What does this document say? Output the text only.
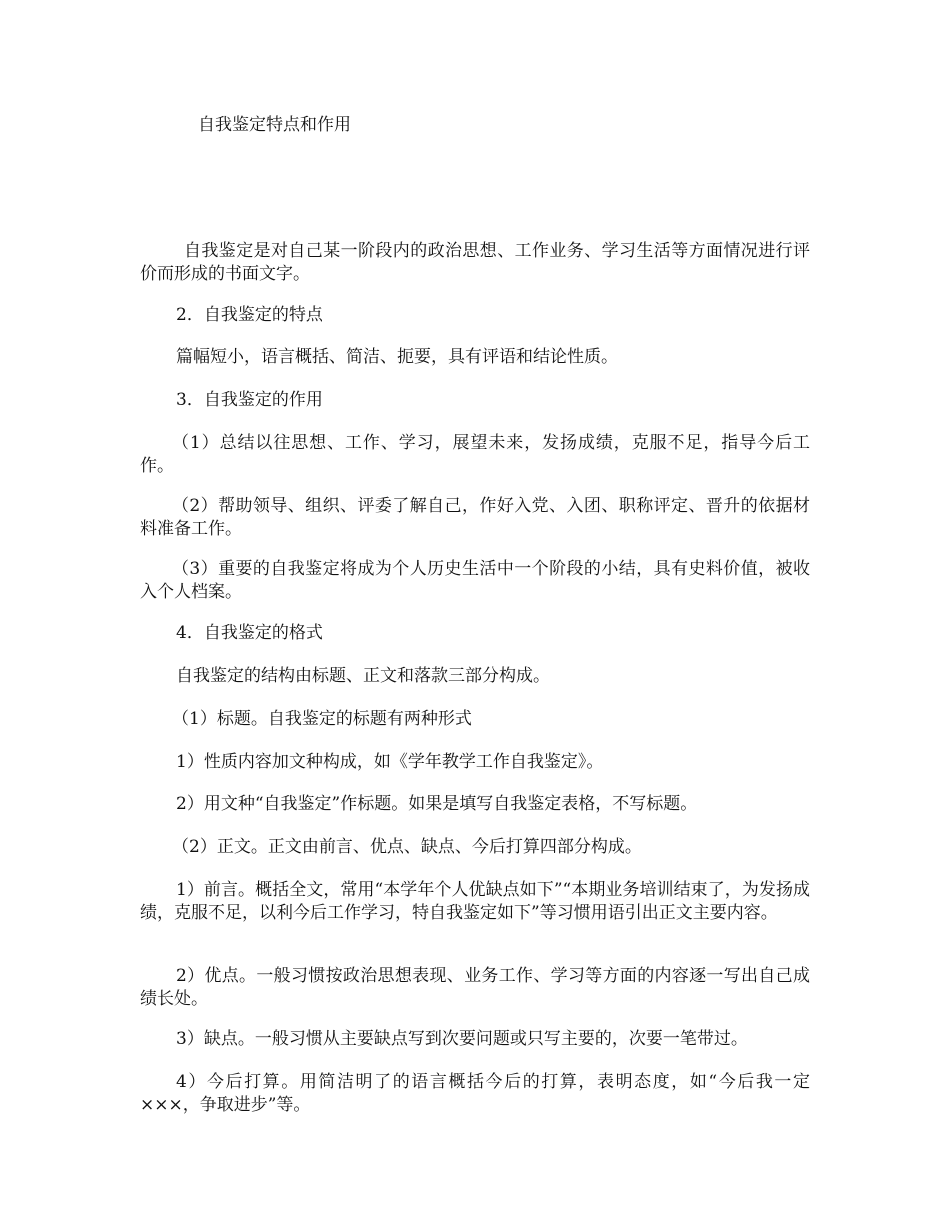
自我鉴定特点和作用

自我鉴定是对自己某一阶段内的政治思想、工作业务、学习生活等方面情况进行评价而形成的书面文字。

2．自我鉴定的特点

篇幅短小，语言概括、简洁、扼要，具有评语和结论性质。

3．自我鉴定的作用

（1）总结以往思想、工作、学习，展望未来，发扬成绩，克服不足，指导今后工作。

（2）帮助领导、组织、评委了解自己，作好入党、入团、职称评定、晋升的依据材料准备工作。

（3）重要的自我鉴定将成为个人历史生活中一个阶段的小结，具有史料价值，被收入个人档案。

4．自我鉴定的格式

自我鉴定的结构由标题、正文和落款三部分构成。

（1）标题。自我鉴定的标题有两种形式

1）性质内容加文种构成，如《学年教学工作自我鉴定》。

2）用文种“自我鉴定”作标题。如果是填写自我鉴定表格，不写标题。

（2）正文。正文由前言、优点、缺点、今后打算四部分构成。

1）前言。概括全文，常用“本学年个人优缺点如下”“本期业务培训结束了，为发扬成绩，克服不足，以利今后工作学习，特自我鉴定如下”等习惯用语引出正文主要内容。

2）优点。一般习惯按政治思想表现、业务工作、学习等方面的内容逐一写出自己成绩长处。

3）缺点。一般习惯从主要缺点写到次要问题或只写主要的，次要一笔带过。

4）今后打算。用简洁明了的语言概括今后的打算，表明态度，如“今后我一定×××，争取进步”等。
